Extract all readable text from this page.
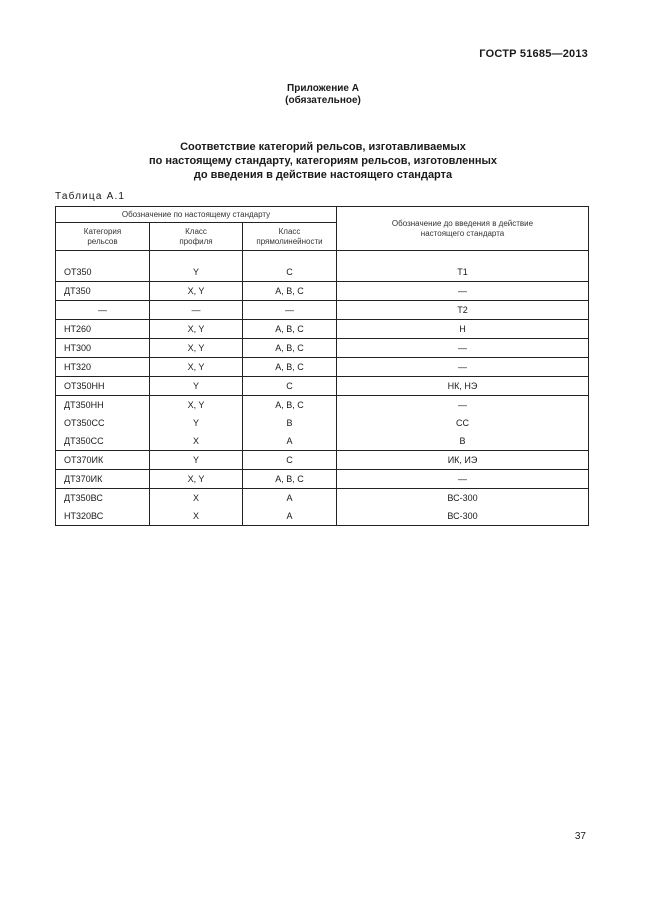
ГОСТР 51685—2013
Приложение А
(обязательное)
Соответствие категорий рельсов, изготавливаемых
по настоящему стандарту, категориям рельсов, изготовленных
до введения в действие настоящего стандарта
Таблица А.1
Обозначение по настоящему стандарту			Обозначение до введения в действие настоящего стандарта
Категория рельсов	Класс профиля	Класс прямолинейности	
ОТ350	Y	C	Т1
ДТ350	X, Y	A, B, C	—
—	—	—	Т2
НТ260	X, Y	A, B, C	Н
НТ300	X, Y	A, B, C	—
НТ320	X, Y	A, B, C	—
ОТ350НН	Y	C	НК, НЭ
ДТ350НН	X, Y	A, B, C	—
ОТ350СС	Y	B	СС
ДТ350СС	X	A	В
ОТ370ИК	Y	C	ИК, ИЭ
ДТ370ИК	X, Y	A, B, C	—
ДТ350ВС	X	A	ВС-300
НТ320ВС	X	A	ВС-300
37
